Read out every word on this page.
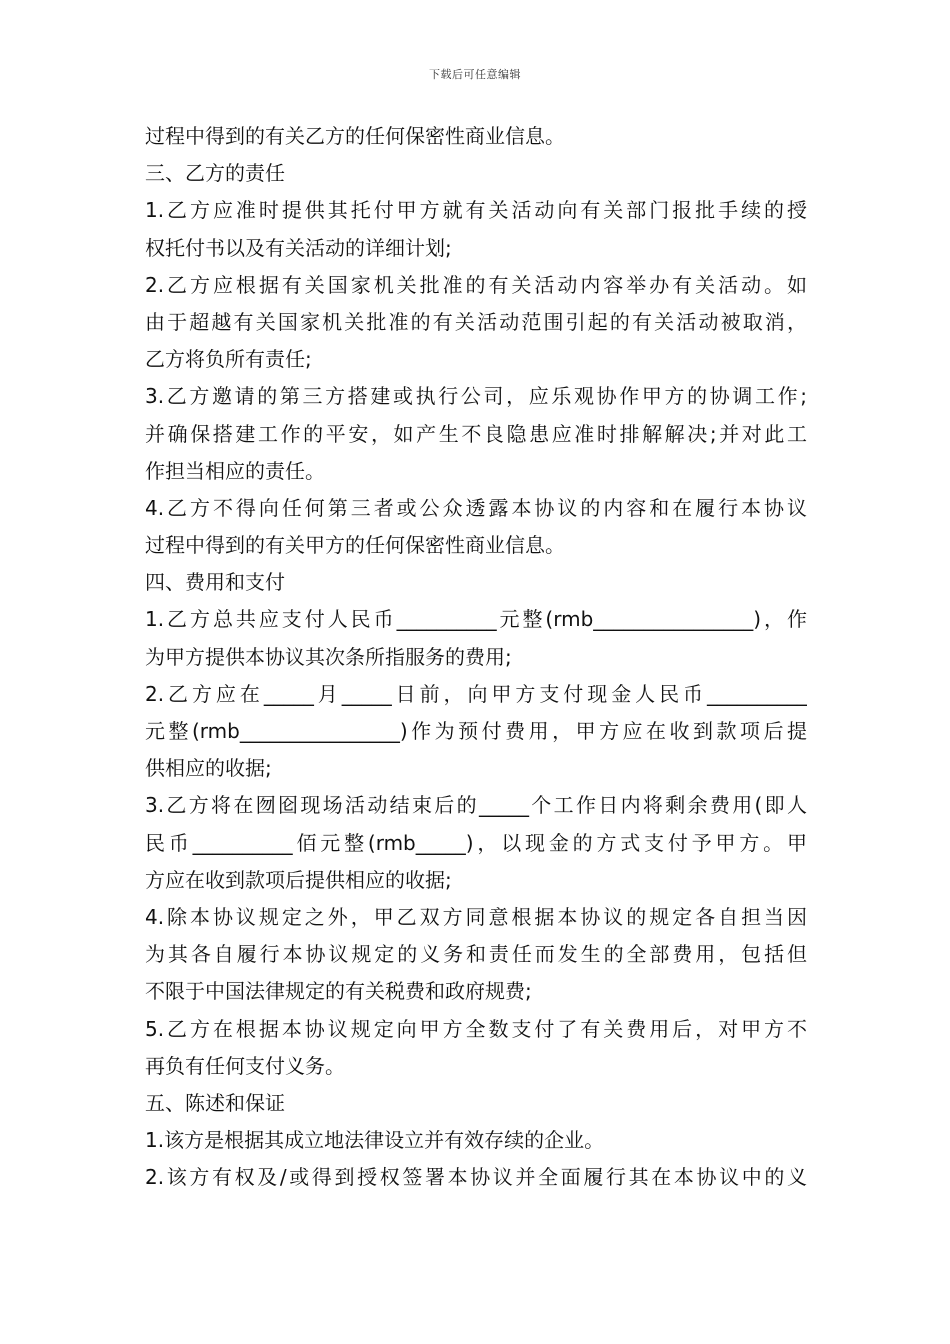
下载后可任意编辑
过程中得到的有关乙方的任何保密性商业信息。
三、乙方的责任
1.乙方应准时提供其托付甲方就有关活动向有关部门报批手续的授
权托付书以及有关活动的详细计划;
2.乙方应根据有关国家机关批准的有关活动内容举办有关活动。如
由于超越有关国家机关批准的有关活动范围引起的有关活动被取消，
乙方将负所有责任;
3.乙方邀请的第三方搭建或执行公司，应乐观协作甲方的协调工作;
并确保搭建工作的平安，如产生不良隐患应准时排解解决;并对此工
作担当相应的责任。
4.乙方不得向任何第三者或公众透露本协议的内容和在履行本协议
过程中得到的有关甲方的任何保密性商业信息。
四、费用和支付
1.乙方总共应支付人民币__________元整(rmb________________)，作
为甲方提供本协议其次条所指服务的费用;
2.乙方应在_____月_____日前，向甲方支付现金人民币__________
元整(rmb________________)作为预付费用，甲方应在收到款项后提
供相应的收据;
3.乙方将在囫囵现场活动结束后的_____个工作日内将剩余费用(即人
民币__________佰元整(rmb_____)，以现金的方式支付予甲方。甲
方应在收到款项后提供相应的收据;
4.除本协议规定之外，甲乙双方同意根据本协议的规定各自担当因
为其各自履行本协议规定的义务和责任而发生的全部费用，包括但
不限于中国法律规定的有关税费和政府规费;
5.乙方在根据本协议规定向甲方全数支付了有关费用后，对甲方不
再负有任何支付义务。
五、陈述和保证
1.该方是根据其成立地法律设立并有效存续的企业。
2.该方有权及/或得到授权签署本协议并全面履行其在本协议中的义
